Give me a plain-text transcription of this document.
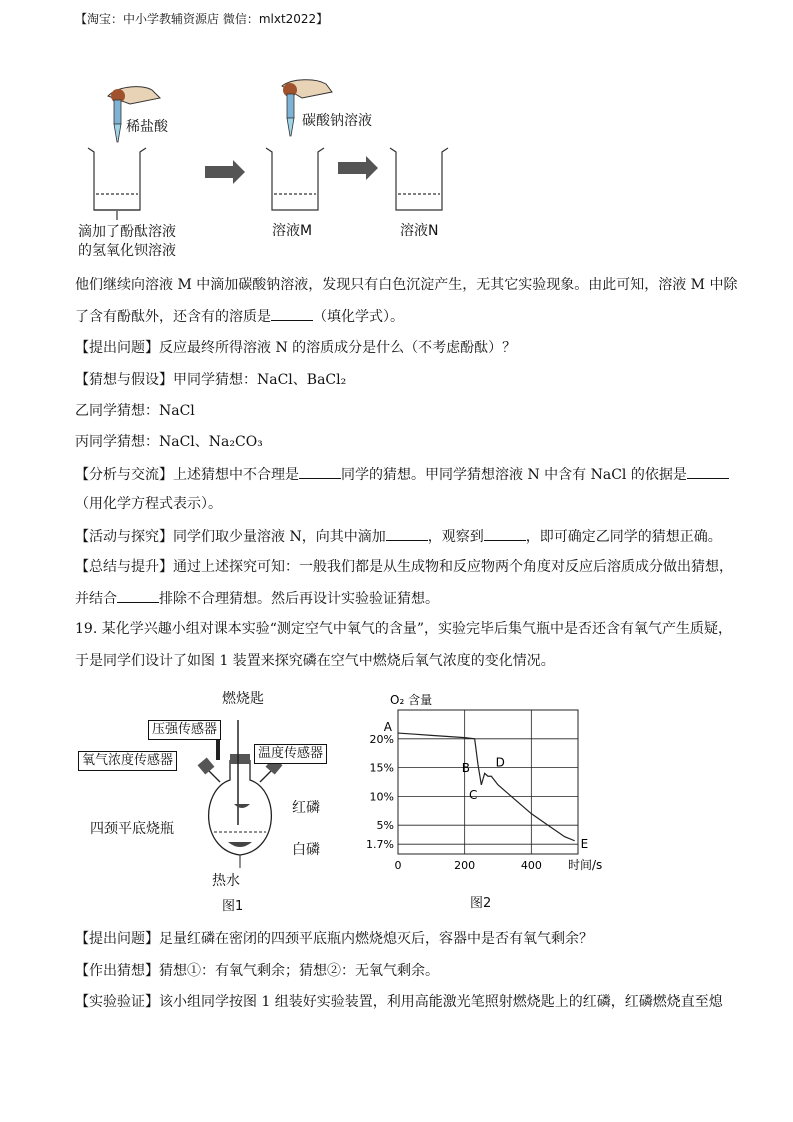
【淘宝：中小学教辅资源店 微信：mlxt2022】
稀盐酸	碳酸钠溶液
滴加了酚酞溶液
的氢氧化钡溶液
溶液M	溶液N
他们继续向溶液 M 中滴加碳酸钠溶液，发现只有白色沉淀产生，无其它实验现象。由此可知，溶液 M 中除
了含有酚酞外，还含有的溶质是	（填化学式）。
【提出问题】反应最终所得溶液 N 的溶质成分是什么（不考虑酚酞）？
【猜想与假设】甲同学猜想：NaCl、BaCl₂
乙同学猜想：NaCl
丙同学猜想：NaCl、Na₂CO₃
【分析与交流】上述猜想中不合理是	同学的猜想。甲同学猜想溶液 N 中含有 NaCl 的依据是
（用化学方程式表示）。
【活动与探究】同学们取少量溶液 N，向其中滴加	，观察到	，即可确定乙同学的猜想正确。
【总结与提升】通过上述探究可知：一般我们都是从生成物和反应物两个角度对反应后溶质成分做出猜想，
并结合	排除不合理猜想。然后再设计实验验证猜想。
19. 某化学兴趣小组对课本实验“测定空气中氧气的含量”，实验完毕后集气瓶中是否还含有氧气产生质疑，
于是同学们设计了如图 1 装置来探究磷在空气中燃烧后氧气浓度的变化情况。
燃烧匙
压强传感器
氧气浓度传感器	温度传感器
红磷
四颈平底烧瓶
白磷
热水
图1
1.7%
5%
10%
15%
20%
0	200	400
O₂ 含量
时间/s
A
B
C
D
E
图2
【提出问题】足量红磷在密闭的四颈平底瓶内燃烧熄灭后，容器中是否有氧气剩余？
【作出猜想】猜想①：有氧气剩余；猜想②：无氧气剩余。
【实验验证】该小组同学按图 1 组装好实验装置，利用高能激光笔照射燃烧匙上的红磷，红磷燃烧直至熄
